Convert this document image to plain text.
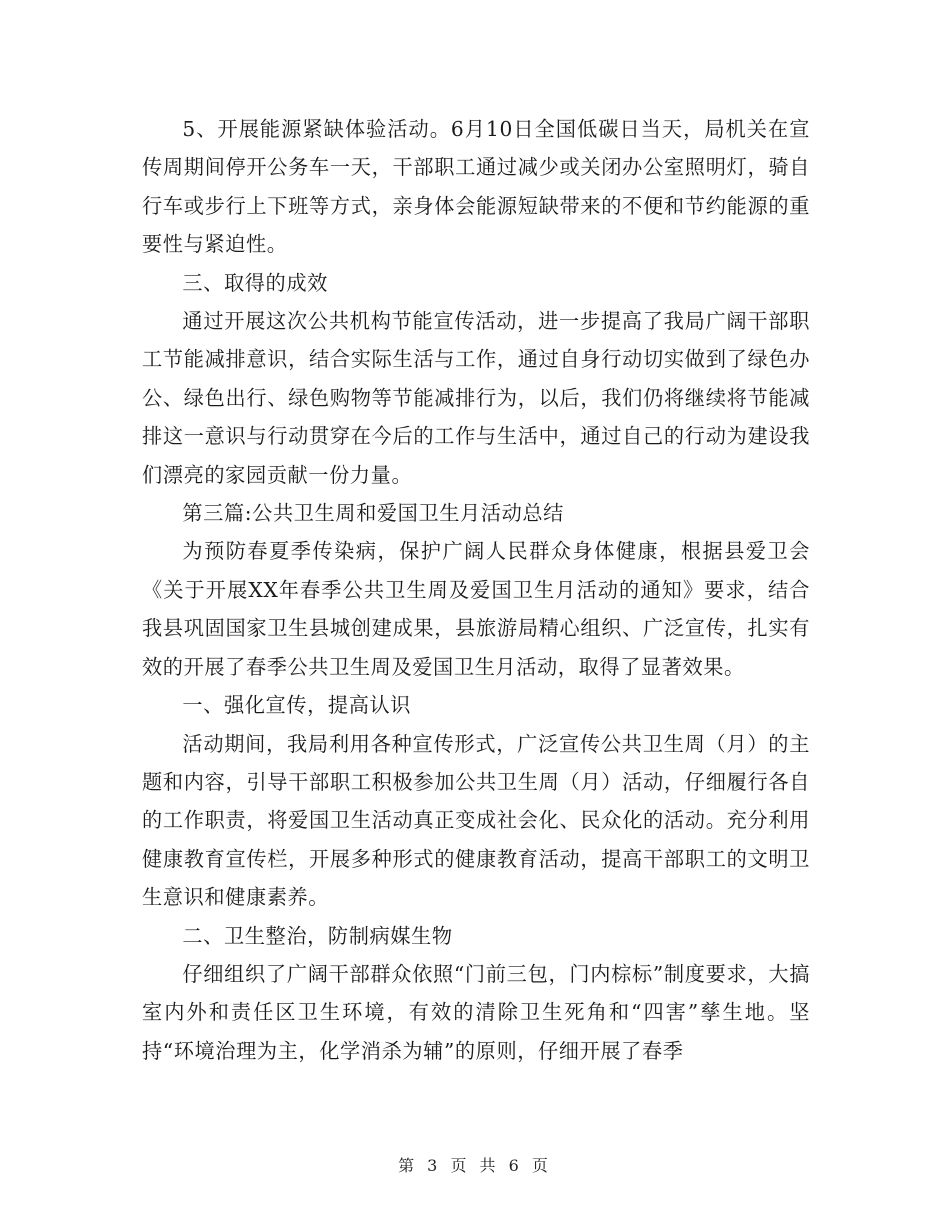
5、开展能源紧缺体验活动。6月10日全国低碳日当天，局机关在宣传周期间停开公务车一天，干部职工通过减少或关闭办公室照明灯，骑自行车或步行上下班等方式，亲身体会能源短缺带来的不便和节约能源的重要性与紧迫性。

三、取得的成效

通过开展这次公共机构节能宣传活动，进一步提高了我局广阔干部职工节能减排意识，结合实际生活与工作，通过自身行动切实做到了绿色办公、绿色出行、绿色购物等节能减排行为，以后，我们仍将继续将节能减排这一意识与行动贯穿在今后的工作与生活中，通过自己的行动为建设我们漂亮的家园贡献一份力量。

第三篇:公共卫生周和爱国卫生月活动总结

为预防春夏季传染病，保护广阔人民群众身体健康，根据县爱卫会《关于开展XX年春季公共卫生周及爱国卫生月活动的通知》要求，结合我县巩固国家卫生县城创建成果，县旅游局精心组织、广泛宣传，扎实有效的开展了春季公共卫生周及爱国卫生月活动，取得了显著效果。

一、强化宣传，提高认识

活动期间，我局利用各种宣传形式，广泛宣传公共卫生周（月）的主题和内容，引导干部职工积极参加公共卫生周（月）活动，仔细履行各自的工作职责，将爱国卫生活动真正变成社会化、民众化的活动。充分利用健康教育宣传栏，开展多种形式的健康教育活动，提高干部职工的文明卫生意识和健康素养。

二、卫生整治，防制病媒生物

仔细组织了广阔干部群众依照“门前三包，门内棕标”制度要求，大搞室内外和责任区卫生环境，有效的清除卫生死角和“四害”孳生地。坚持“环境治理为主，化学消杀为辅”的原则，仔细开展了春季

第 3 页 共 6 页
